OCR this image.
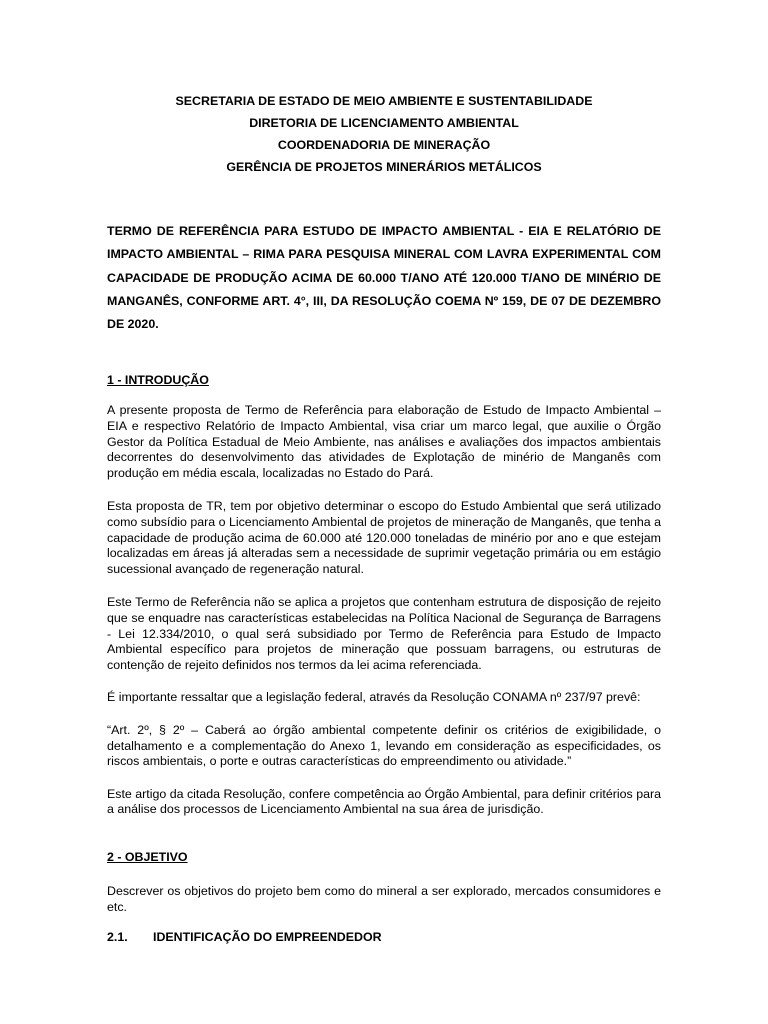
SECRETARIA DE ESTADO DE MEIO AMBIENTE E SUSTENTABILIDADE
DIRETORIA DE LICENCIAMENTO AMBIENTAL
COORDENADORIA DE MINERAÇÃO
GERÊNCIA DE PROJETOS MINERÁRIOS METÁLICOS
TERMO DE REFERÊNCIA PARA ESTUDO DE IMPACTO AMBIENTAL - EIA E RELATÓRIO DE IMPACTO AMBIENTAL – RIMA PARA PESQUISA MINERAL COM LAVRA EXPERIMENTAL COM CAPACIDADE DE PRODUÇÃO ACIMA DE 60.000 T/ANO ATÉ 120.000 T/ANO DE MINÉRIO DE MANGANÊS, CONFORME ART. 4°, III, DA RESOLUÇÃO COEMA Nº 159, DE 07 DE DEZEMBRO DE 2020.
1 - INTRODUÇÃO

A presente proposta de Termo de Referência para elaboração de Estudo de Impacto Ambiental – EIA e respectivo Relatório de Impacto Ambiental, visa criar um marco legal, que auxilie o Órgão Gestor da Política Estadual de Meio Ambiente, nas análises e avaliações dos impactos ambientais decorrentes do desenvolvimento das atividades de Explotação de minério de Manganês com produção em média escala, localizadas no Estado do Pará.

Esta proposta de TR, tem por objetivo determinar o escopo do Estudo Ambiental que será utilizado como subsídio para o Licenciamento Ambiental de projetos de mineração de Manganês, que tenha a capacidade de produção acima de 60.000 até 120.000 toneladas de minério por ano e que estejam localizadas em áreas já alteradas sem a necessidade de suprimir vegetação primária ou em estágio sucessional avançado de regeneração natural.

Este Termo de Referência não se aplica a projetos que contenham estrutura de disposição de rejeito que se enquadre nas características estabelecidas na Política Nacional de Segurança de Barragens - Lei 12.334/2010, o qual será subsidiado por Termo de Referência para Estudo de Impacto Ambiental específico para projetos de mineração que possuam barragens, ou estruturas de contenção de rejeito definidos nos termos da lei acima referenciada.

É importante ressaltar que a legislação federal, através da Resolução CONAMA nº 237/97 prevê:

“Art. 2º, § 2º – Caberá ao órgão ambiental competente definir os critérios de exigibilidade, o detalhamento e a complementação do Anexo 1, levando em consideração as especificidades, os riscos ambientais, o porte e outras características do empreendimento ou atividade.”

Este artigo da citada Resolução, confere competência ao Órgão Ambiental, para definir critérios para a análise dos processos de Licenciamento Ambiental na sua área de jurisdição.

2 - OBJETIVO

Descrever os objetivos do projeto bem como do mineral a ser explorado, mercados consumidores e etc.

2.1.	IDENTIFICAÇÃO DO EMPREENDEDOR
